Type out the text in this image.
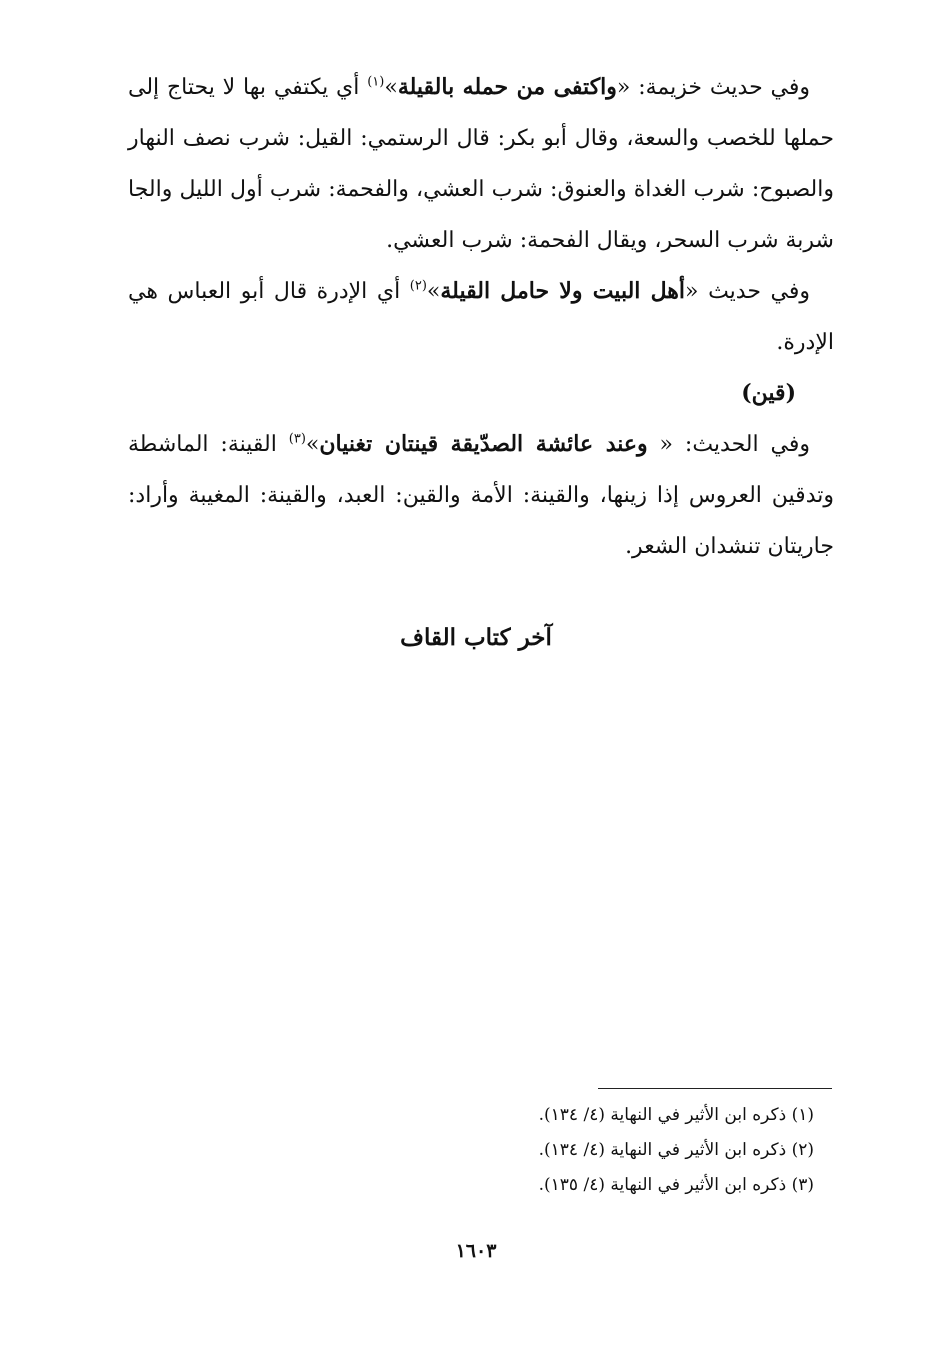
وفي حديث خزيمة: «واكتفى من حمله بالقيلة»$^{(١)}$ أي يكتفي بها لا يحتاج إلى حملها للخصب والسعة، وقال أبو بكر: قال الرستمي: القيل: شرب نصف النهار والصبوح: شرب الغداة والعنوق: شرب العشي، والفحمة: شرب أول الليل والجا شربة شرب السحر، ويقال الفحمة: شرب العشي.

وفي حديث «أهل البيت ولا حامل القيلة»$^{(٢)}$ أي الإدرة قال أبو العباس هي الإدرة.

(قين)

وفي الحديث: « وعند عائشة الصدّيقة قينتان تغنيان»$^{(٣)}$ القينة: الماشطة وتدقين العروس إذا زينها، والقينة: الأمة والقين: العبد، والقينة: المغيبة وأراد: جاريتان تنشدان الشعر.

آخر كتاب القاف
(١) ذكره ابن الأثير في النهاية (٤/ ١٣٤).
(٢) ذكره ابن الأثير في النهاية (٤/ ١٣٤).
(٣) ذكره ابن الأثير في النهاية (٤/ ١٣٥).
١٦٠٣
